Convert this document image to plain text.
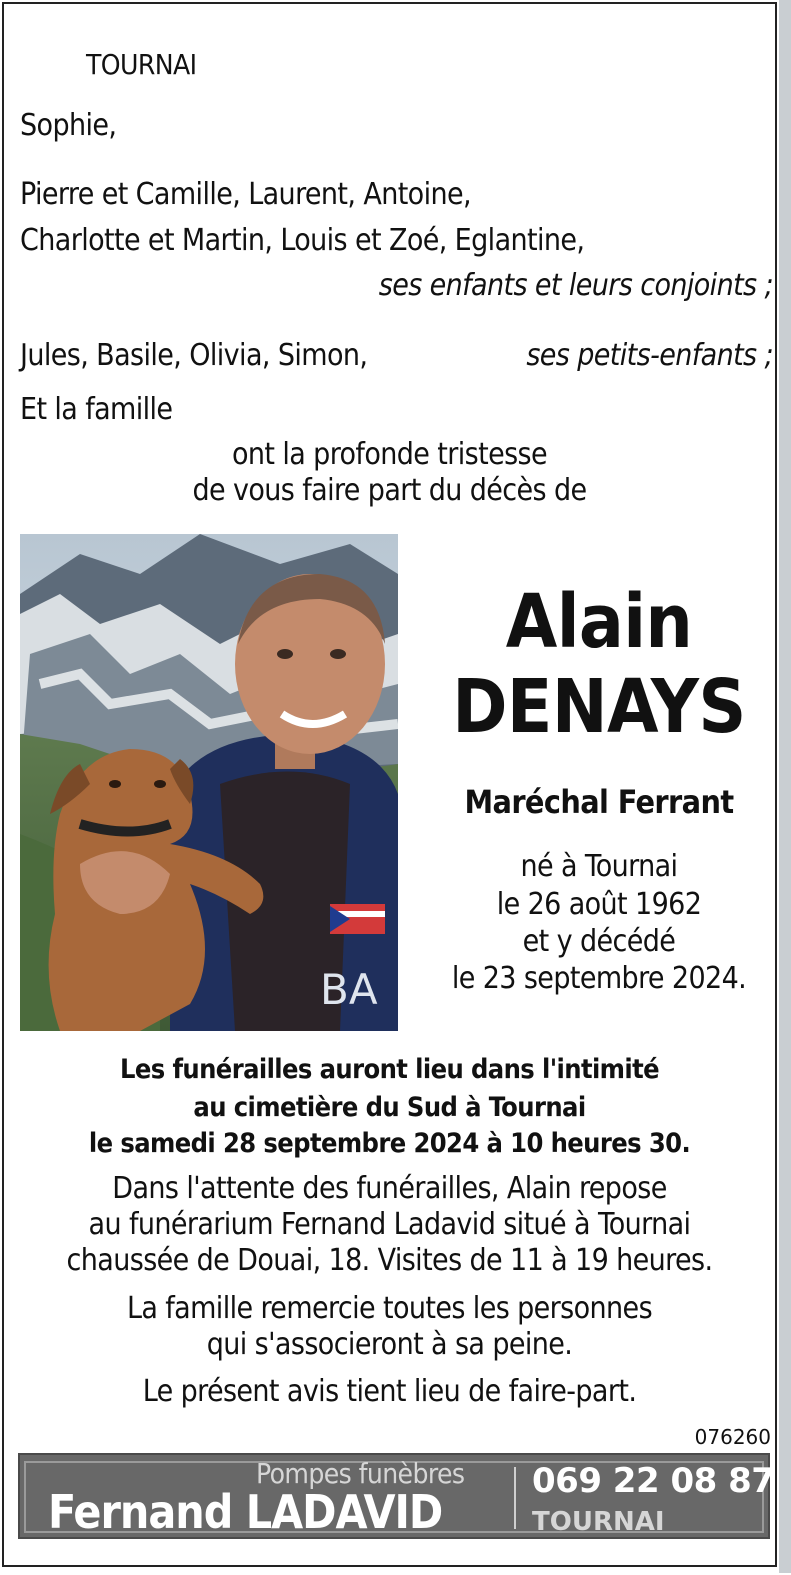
TOURNAI
Sophie,
Pierre et Camille, Laurent, Antoine,
Charlotte et Martin, Louis et Zoé, Eglantine,
ses enfants et leurs conjoints ;
Jules, Basile, Olivia, Simon,	ses petits-enfants ;
Et la famille
ont la profonde tristesse
de vous faire part du décès de
BA
Alain
DENAYS
Maréchal Ferrant
né à Tournai
le 26 août 1962
et y décédé
le 23 septembre 2024.
Les funérailles auront lieu dans l'intimité
au cimetière du Sud à Tournai
le samedi 28 septembre 2024 à 10 heures 30.
Dans l'attente des funérailles, Alain repose
au funérarium Fernand Ladavid situé à Tournai
chaussée de Douai, 18. Visites de 11 à 19 heures.
La famille remercie toutes les personnes
qui s'associeront à sa peine.
Le présent avis tient lieu de faire-part.
076260
Pompes funèbres
Fernand LADAVID
069 22 08 87
TOURNAI
